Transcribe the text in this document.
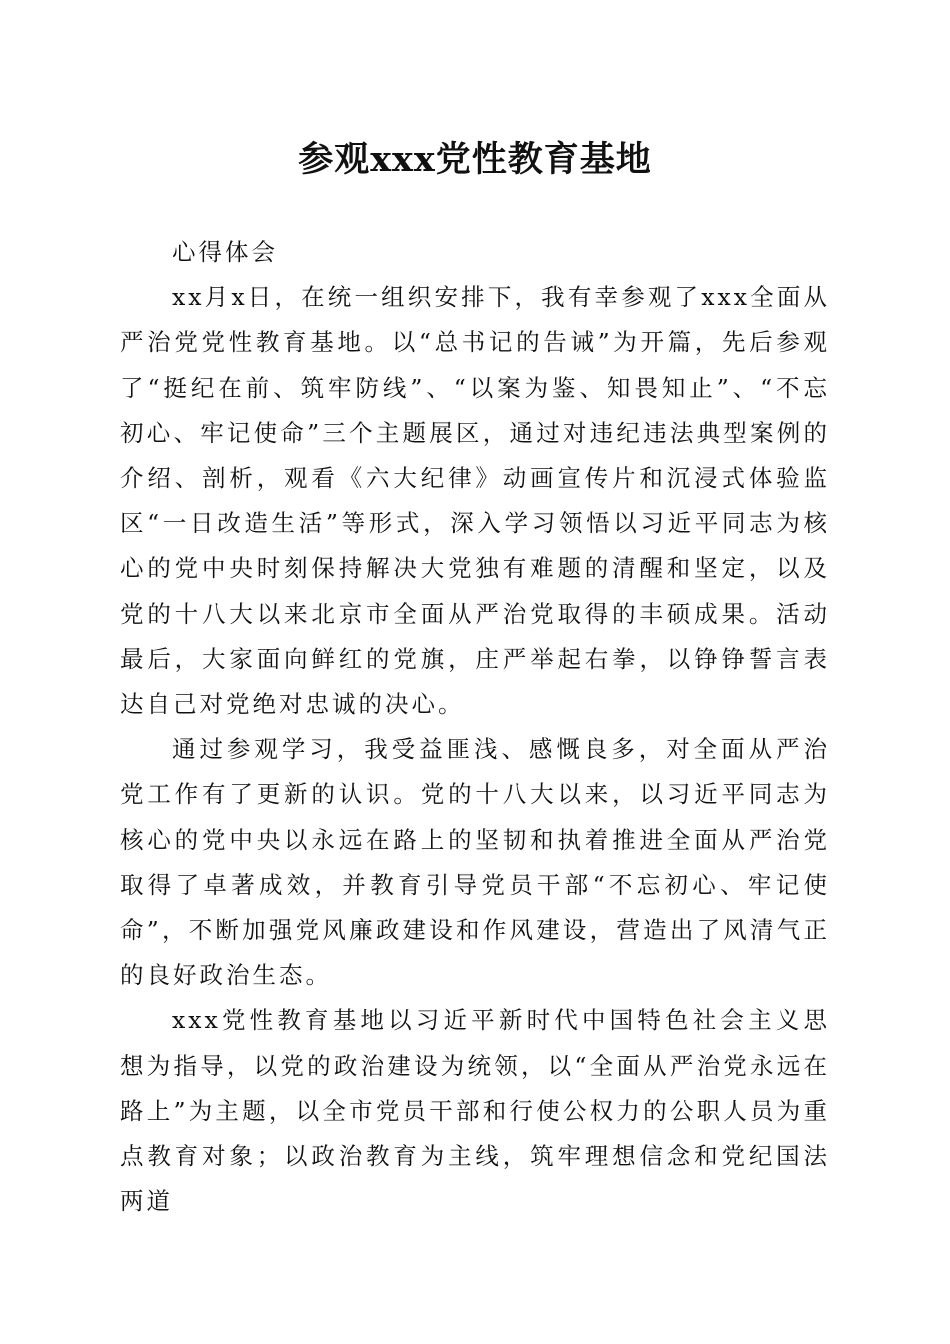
参观xxx党性教育基地

心得体会

xx月x日，在统一组织安排下，我有幸参观了xxx全面从严治党党性教育基地。以“总书记的告诫”为开篇，先后参观了“挺纪在前、筑牢防线”、“以案为鉴、知畏知止”、“不忘初心、牢记使命”三个主题展区，通过对违纪违法典型案例的介绍、剖析，观看《六大纪律》动画宣传片和沉浸式体验监区“一日改造生活”等形式，深入学习领悟以习近平同志为核心的党中央时刻保持解决大党独有难题的清醒和坚定，以及党的十八大以来北京市全面从严治党取得的丰硕成果。活动最后，大家面向鲜红的党旗，庄严举起右拳，以铮铮誓言表达自己对党绝对忠诚的决心。

通过参观学习，我受益匪浅、感慨良多，对全面从严治党工作有了更新的认识。党的十八大以来，以习近平同志为核心的党中央以永远在路上的坚韧和执着推进全面从严治党取得了卓著成效，并教育引导党员干部“不忘初心、牢记使命”，不断加强党风廉政建设和作风建设，营造出了风清气正的良好政治生态。

xxx党性教育基地以习近平新时代中国特色社会主义思想为指导，以党的政治建设为统领，以“全面从严治党永远在路上”为主题，以全市党员干部和行使公权力的公职人员为重点教育对象；以政治教育为主线，筑牢理想信念和党纪国法两道
